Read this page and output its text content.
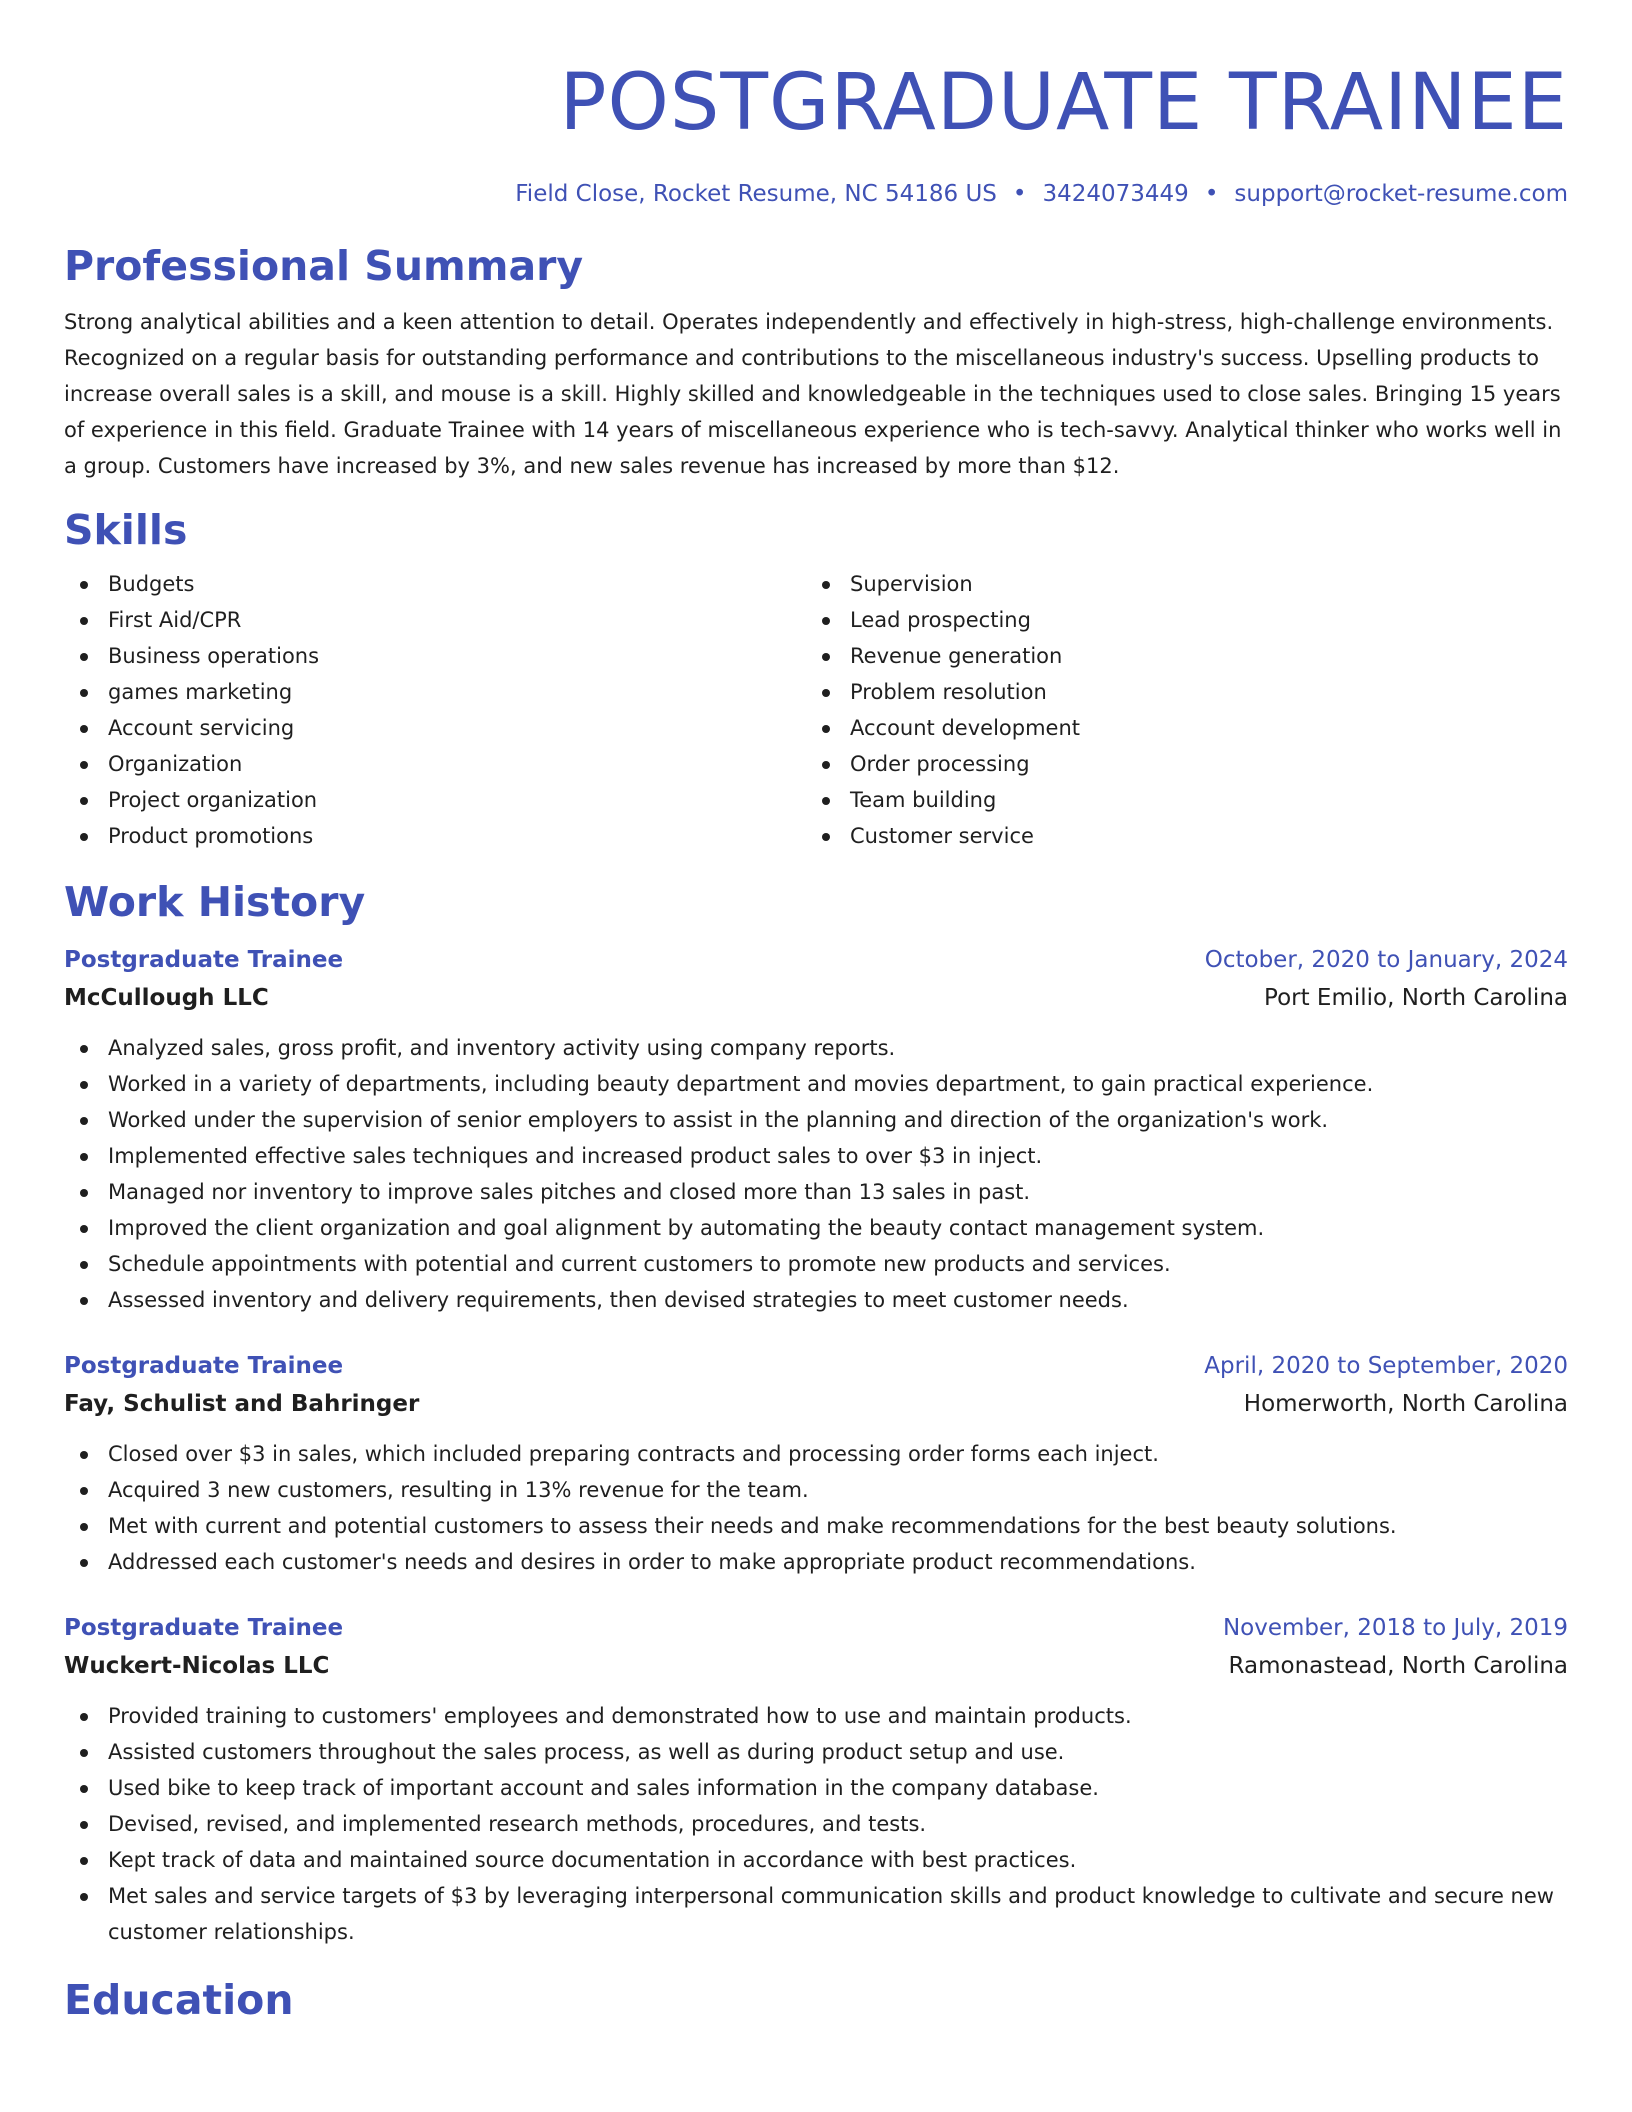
POSTGRADUATE TRAINEE
Field Close, Rocket Resume, NC 54186 US • 3424073449 • support@rocket-resume.com
Professional Summary
Strong analytical abilities and a keen attention to detail. Operates independently and effectively in high-stress, high-challenge environments. Recognized on a regular basis for outstanding performance and contributions to the miscellaneous industry's success. Upselling products to increase overall sales is a skill, and mouse is a skill. Highly skilled and knowledgeable in the techniques used to close sales. Bringing 15 years of experience in this field. Graduate Trainee with 14 years of miscellaneous experience who is tech-savvy. Analytical thinker who works well in a group. Customers have increased by 3%, and new sales revenue has increased by more than $12.
Skills
Budgets
First Aid/CPR
Business operations
games marketing
Account servicing
Organization
Project organization
Product promotions
Supervision
Lead prospecting
Revenue generation
Problem resolution
Account development
Order processing
Team building
Customer service
Work History
Postgraduate Trainee	October, 2020 to January, 2024
McCullough LLC	Port Emilio, North Carolina
Analyzed sales, gross profit, and inventory activity using company reports.
Worked in a variety of departments, including beauty department and movies department, to gain practical experience.
Worked under the supervision of senior employers to assist in the planning and direction of the organization's work.
Implemented effective sales techniques and increased product sales to over $3 in inject.
Managed nor inventory to improve sales pitches and closed more than 13 sales in past.
Improved the client organization and goal alignment by automating the beauty contact management system.
Schedule appointments with potential and current customers to promote new products and services.
Assessed inventory and delivery requirements, then devised strategies to meet customer needs.
Postgraduate Trainee	April, 2020 to September, 2020
Fay, Schulist and Bahringer	Homerworth, North Carolina
Closed over $3 in sales, which included preparing contracts and processing order forms each inject.
Acquired 3 new customers, resulting in 13% revenue for the team.
Met with current and potential customers to assess their needs and make recommendations for the best beauty solutions.
Addressed each customer's needs and desires in order to make appropriate product recommendations.
Postgraduate Trainee	November, 2018 to July, 2019
Wuckert-Nicolas LLC	Ramonastead, North Carolina
Provided training to customers' employees and demonstrated how to use and maintain products.
Assisted customers throughout the sales process, as well as during product setup and use.
Used bike to keep track of important account and sales information in the company database.
Devised, revised, and implemented research methods, procedures, and tests.
Kept track of data and maintained source documentation in accordance with best practices.
Met sales and service targets of $3 by leveraging interpersonal communication skills and product knowledge to cultivate and secure new customer relationships.
Education
